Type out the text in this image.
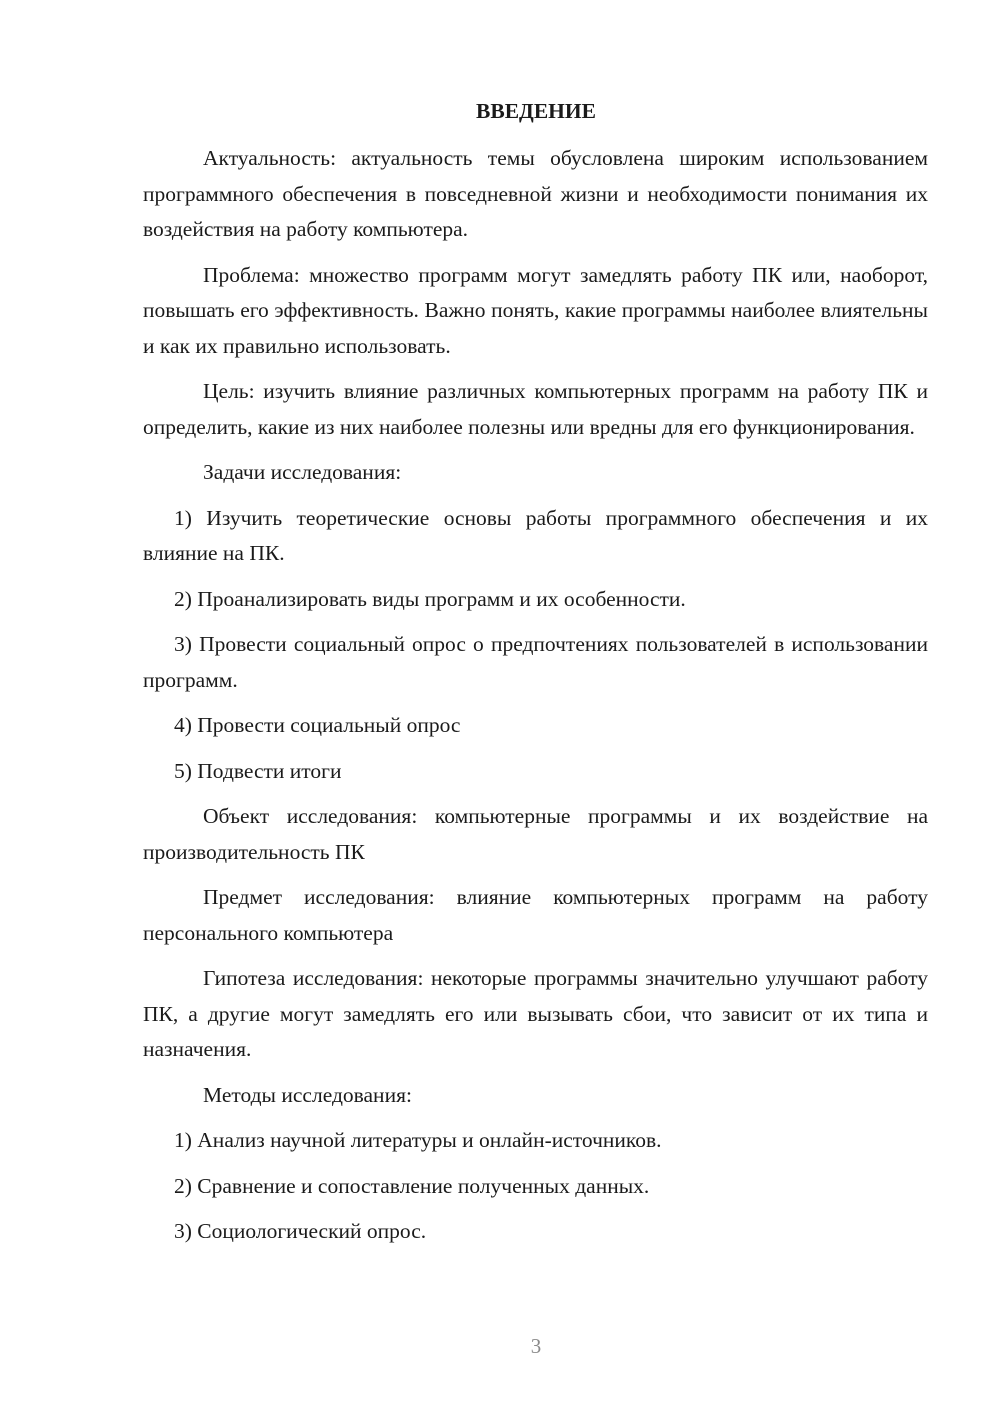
ВВЕДЕНИЕ

Актуальность: актуальность темы обусловлена широким использованием программного обеспечения в повседневной жизни и необходимости понимания их воздействия на работу компьютера.

Проблема: множество программ могут замедлять работу ПК или, наоборот, повышать его эффективность. Важно понять, какие программы наиболее влиятельны и как их правильно использовать.

Цель: изучить влияние различных компьютерных программ на работу ПК и определить, какие из них наиболее полезны или вредны для его функционирования.

Задачи исследования:

1) Изучить теоретические основы работы программного обеспечения и их влияние на ПК.

2) Проанализировать виды программ и их особенности.

3) Провести социальный опрос о предпочтениях пользователей в использовании программ.

4) Провести социальный опрос

5) Подвести итоги

Объект исследования: компьютерные программы и их воздействие на производительность ПК

Предмет исследования: влияние компьютерных программ на работу персонального компьютера

Гипотеза исследования: некоторые программы значительно улучшают работу ПК, а другие могут замедлять его или вызывать сбои, что зависит от их типа и назначения.

Методы исследования:

1) Анализ научной литературы и онлайн-источников.

2) Сравнение и сопоставление полученных данных.

3) Социологический опрос.

3
